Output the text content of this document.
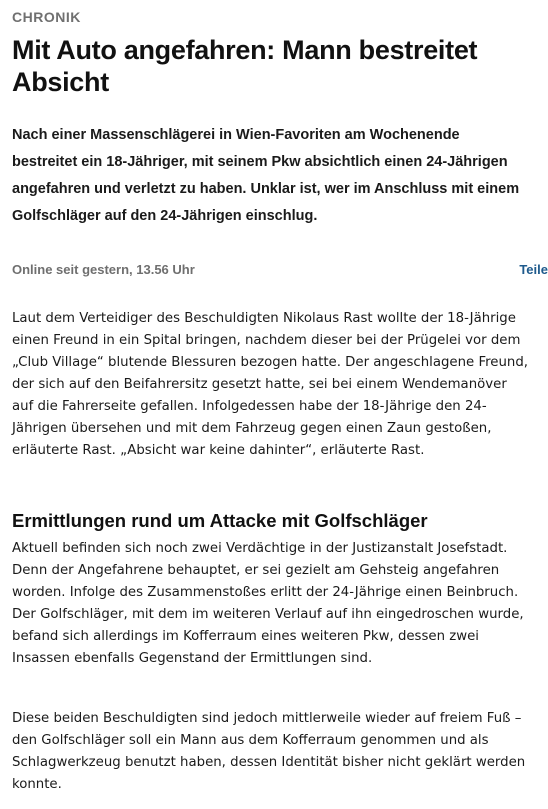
CHRONIK
Mit Auto angefahren: Mann bestreitet Absicht

Nach einer Massenschlägerei in Wien-Favoriten am Wochenende bestreitet ein 18-Jähriger, mit seinem Pkw absichtlich einen 24-Jährigen angefahren und verletzt zu haben. Unklar ist, wer im Anschluss mit einem Golfschläger auf den 24-Jährigen einschlug.

Online seit gestern, 13.56 Uhr	Teile

Laut dem Verteidiger des Beschuldigten Nikolaus Rast wollte der 18-Jährige einen Freund in ein Spital bringen, nachdem dieser bei der Prügelei vor dem „Club Village“ blutende Blessuren bezogen hatte. Der angeschlagene Freund, der sich auf den Beifahrersitz gesetzt hatte, sei bei einem Wendemanöver auf die Fahrerseite gefallen. Infolgedessen habe der 18-Jährige den 24-Jährigen übersehen und mit dem Fahrzeug gegen einen Zaun gestoßen, erläuterte Rast. „Absicht war keine dahinter“, erläuterte Rast.

Ermittlungen rund um Attacke mit Golfschläger

Aktuell befinden sich noch zwei Verdächtige in der Justizanstalt Josefstadt. Denn der Angefahrene behauptet, er sei gezielt am Gehsteig angefahren worden. Infolge des Zusammenstoßes erlitt der 24-Jährige einen Beinbruch. Der Golfschläger, mit dem im weiteren Verlauf auf ihn eingedroschen wurde, befand sich allerdings im Kofferraum eines weiteren Pkw, dessen zwei Insassen ebenfalls Gegenstand der Ermittlungen sind.

Diese beiden Beschuldigten sind jedoch mittlerweile wieder auf freiem Fuß – den Golfschläger soll ein Mann aus dem Kofferraum genommen und als Schlagwerkzeug benutzt haben, dessen Identität bisher nicht geklärt werden konnte.
